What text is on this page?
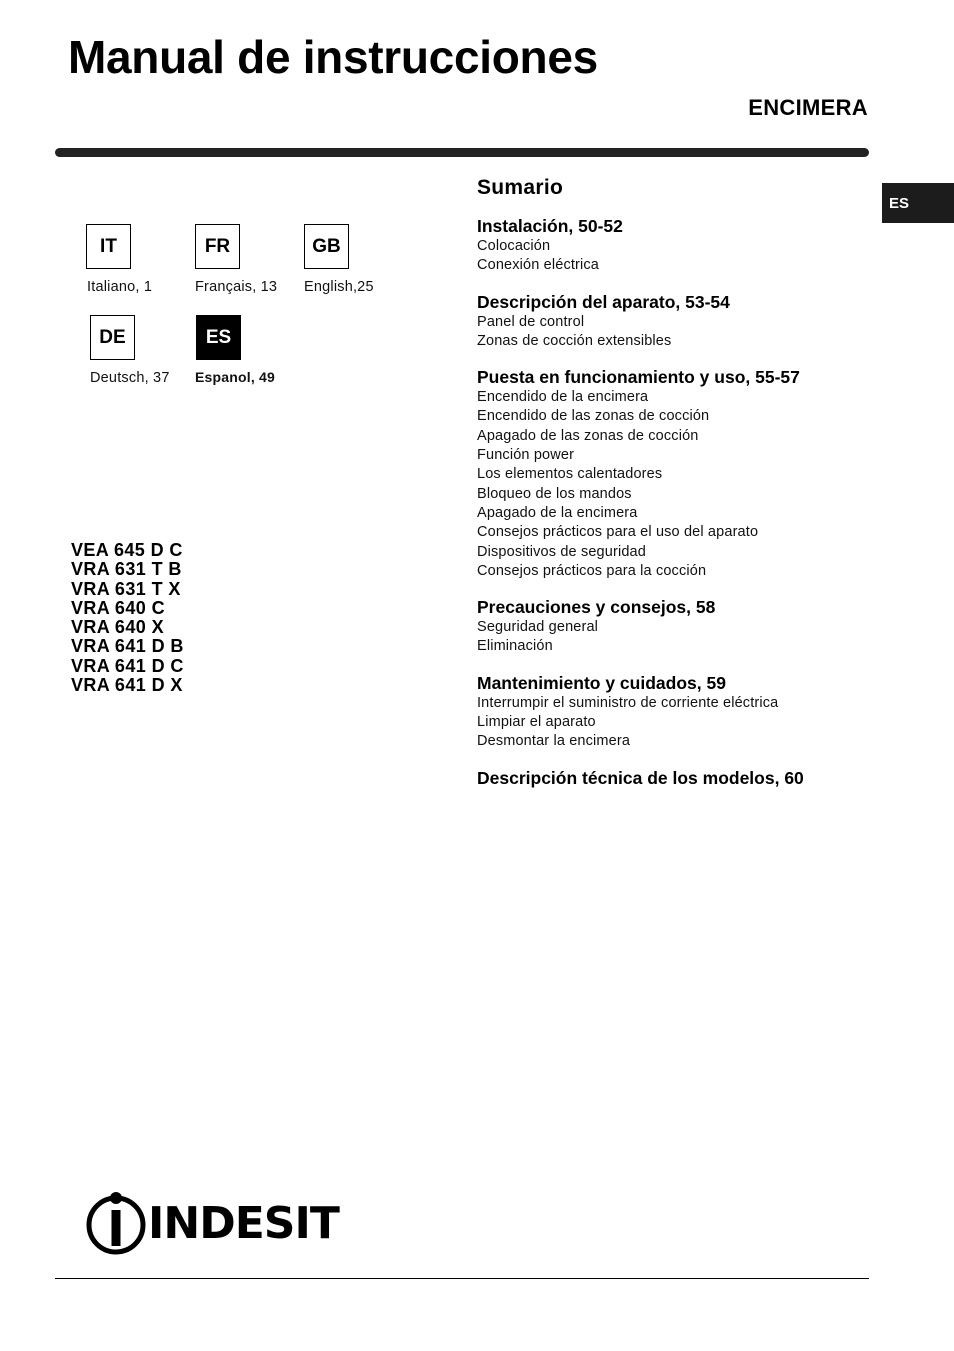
Manual de instrucciones
ENCIMERA
ES
IT
Italiano, 1
FR
Français, 13
GB
English,25
DE
Deutsch, 37
ES
Espanol, 49
VEA 645 D C
VRA 631 T B
VRA 631 T X
VRA 640 C
VRA 640 X
VRA 641 D B
VRA 641 D C
VRA 641 D X
Sumario
Instalación, 50-52
Colocación
Conexión eléctrica
Descripción del aparato, 53-54
Panel de control
Zonas de cocción extensibles
Puesta en funcionamiento y uso, 55-57
Encendido de la encimera
Encendido de las zonas de cocción
Apagado de las zonas de cocción
Función power
Los elementos calentadores
Bloqueo de los mandos
Apagado de la encimera
Consejos prácticos para el uso del aparato
Dispositivos de seguridad
Consejos prácticos para la cocción
Precauciones y consejos, 58
Seguridad general
Eliminación
Mantenimiento y cuidados, 59
Interrumpir el suministro de corriente eléctrica
Limpiar el aparato
Desmontar la encimera
Descripción técnica de los modelos, 60
INDESIT
